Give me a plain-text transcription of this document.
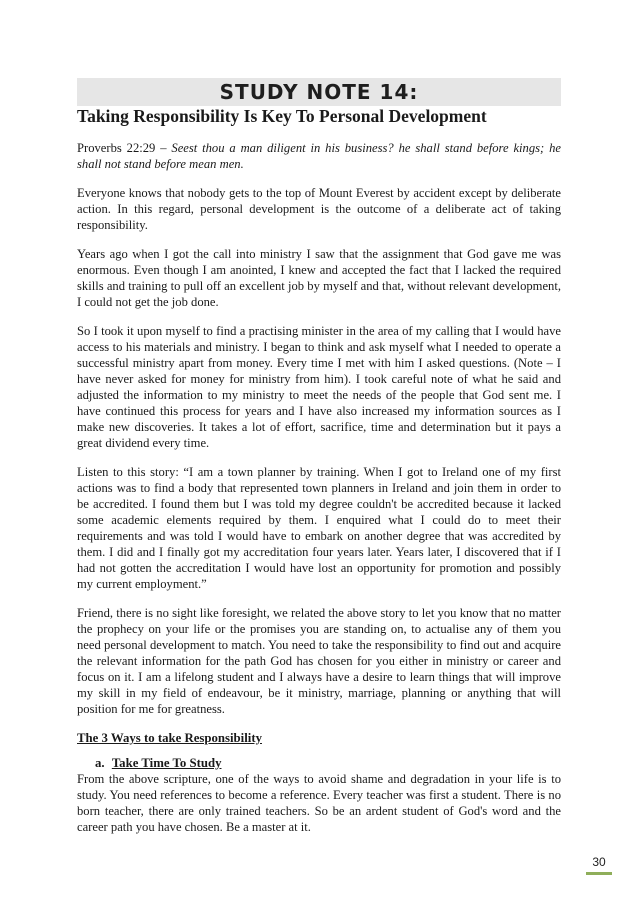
STUDY NOTE 14:
Taking Responsibility Is Key To Personal Development

Proverbs 22:29 – Seest thou a man diligent in his business? he shall stand before kings; he shall not stand before mean men.

Everyone knows that nobody gets to the top of Mount Everest by accident except by deliberate action. In this regard, personal development is the outcome of a deliberate act of taking responsibility.

Years ago when I got the call into ministry I saw that the assignment that God gave me was enormous. Even though I am anointed, I knew and accepted the fact that I lacked the required skills and training to pull off an excellent job by myself and that, without relevant development, I could not get the job done.

So I took it upon myself to find a practising minister in the area of my calling that I would have access to his materials and ministry. I began to think and ask myself what I needed to operate a successful ministry apart from money. Every time I met with him I asked questions. (Note – I have never asked for money for ministry from him). I took careful note of what he said and adjusted the information to my ministry to meet the needs of the people that God sent me. I have continued this process for years and I have also increased my information sources as I make new discoveries. It takes a lot of effort, sacrifice, time and determination but it pays a great dividend every time.

Listen to this story: “I am a town planner by training. When I got to Ireland one of my first actions was to find a body that represented town planners in Ireland and join them in order to be accredited. I found them but I was told my degree couldn't be accredited because it lacked some academic elements required by them. I enquired what I could do to meet their requirements and was told I would have to embark on another degree that was accredited by them. I did and I finally got my accreditation four years later. Years later, I discovered that if I had not gotten the accreditation I would have lost an opportunity for promotion and possibly my current employment.”

Friend, there is no sight like foresight, we related the above story to let you know that no matter the prophecy on your life or the promises you are standing on, to actualise any of them you need personal development to match. You need to take the responsibility to find out and acquire the relevant information for the path God has chosen for you either in ministry or career and focus on it. I am a lifelong student and I always have a desire to learn things that will improve my skill in my field of endeavour, be it ministry, marriage, planning or anything that will position for me for greatness.

The 3 Ways to take Responsibility
a. Take Time To Study

From the above scripture, one of the ways to avoid shame and degradation in your life is to study. You need references to become a reference. Every teacher was first a student. There is no born teacher, there are only trained teachers. So be an ardent student of God's word and the career path you have chosen. Be a master at it.

30
